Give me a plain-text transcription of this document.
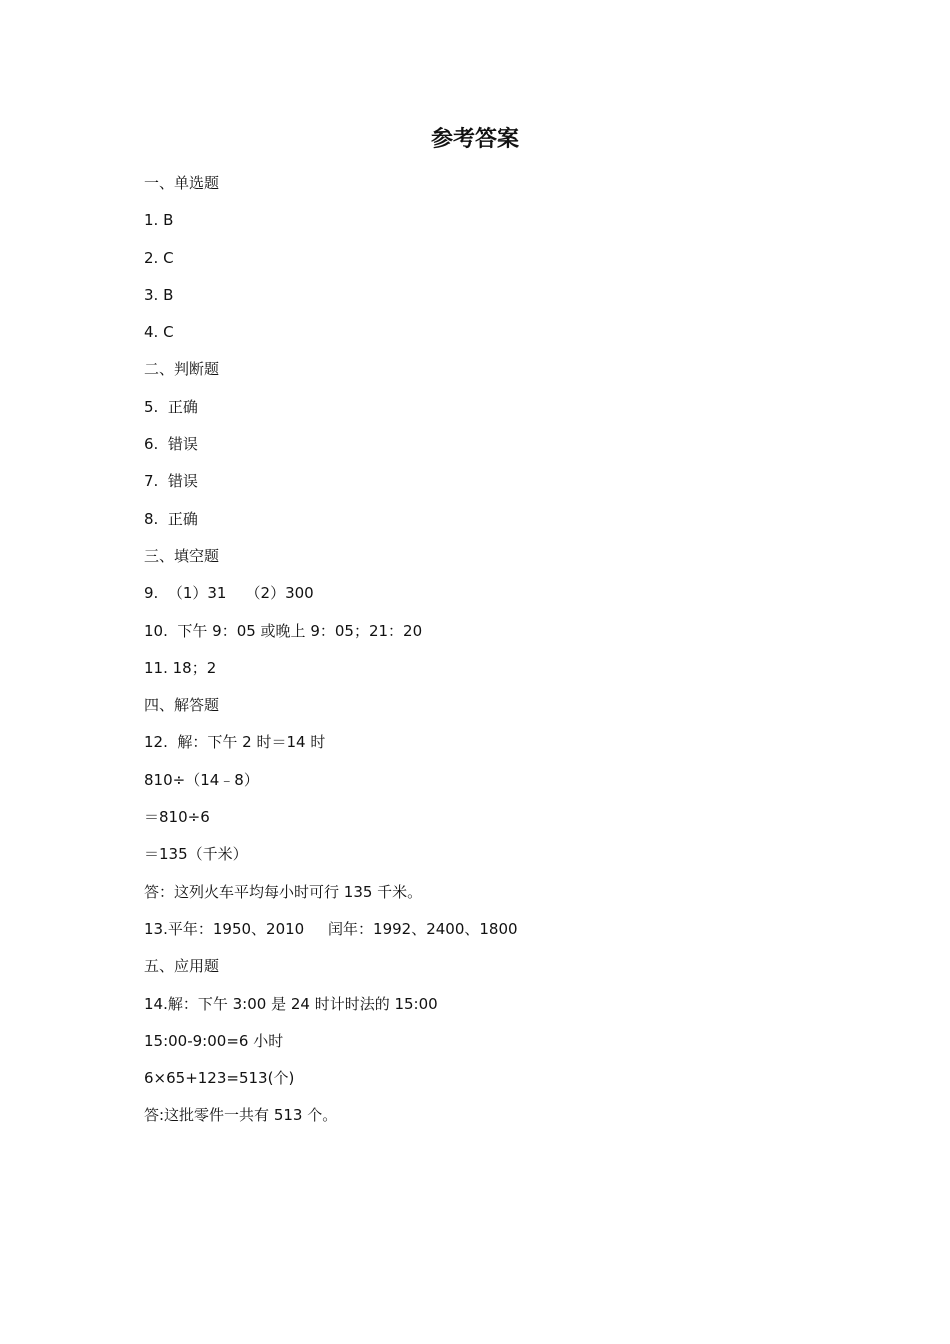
参考答案
一、单选题
1. B
2. C
3. B
4. C
二、判断题
5.  正确
6.  错误
7.  错误
8.  正确
三、填空题
9.  （1）31    （2）300
10.  下午 9：05 或晚上 9：05；21：20
11. 18；2
四、解答题
12.  解：下午 2 时＝14 时
810÷（14﹣8）
＝810÷6
＝135（千米）
答：这列火车平均每小时可行 135 千米。
13.平年：1950、2010     闰年：1992、2400、1800
五、应用题
14.解：下午 3:00 是 24 时计时法的 15:00
15:00-9:00=6 小时
6×65+123=513(个)
答:这批零件一共有 513 个。
